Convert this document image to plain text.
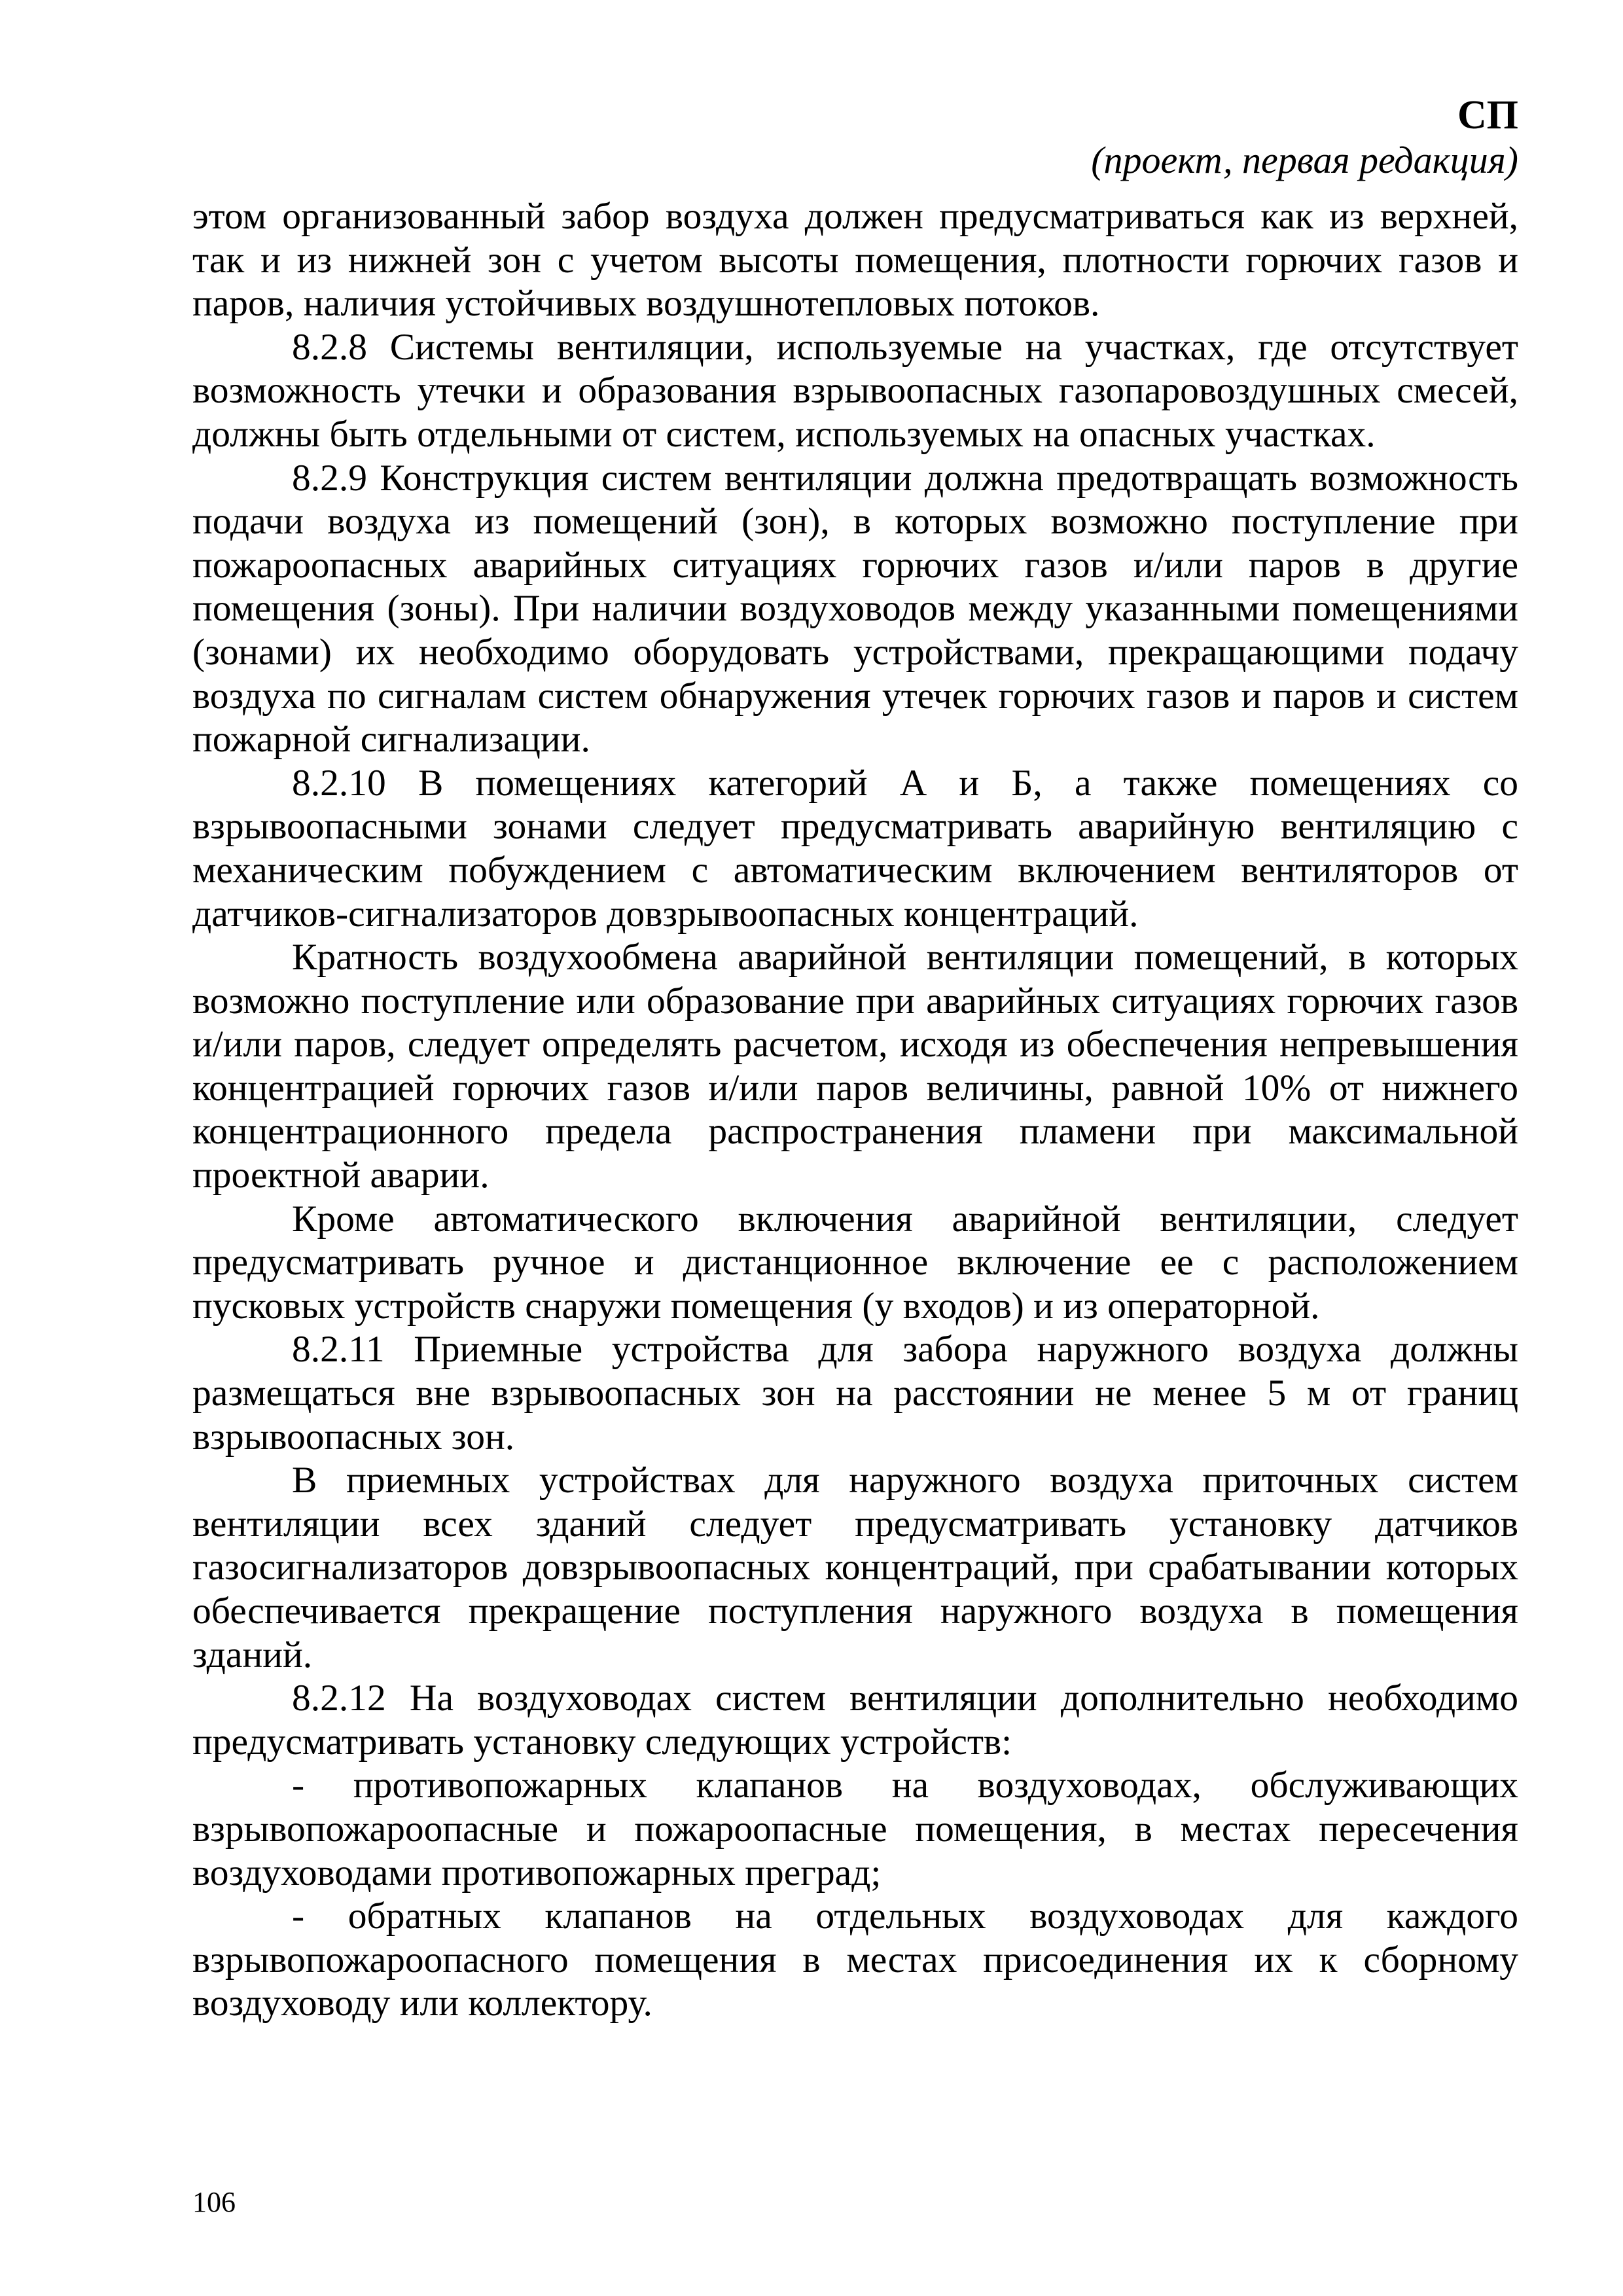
СП
(проект, первая редакция)

этом организованный забор воздуха должен предусматриваться как из верхней, так и из нижней зон с учетом высоты помещения, плотности горючих газов и паров, наличия устойчивых воздушнотепловых потоков.

8.2.8 Системы вентиляции, используемые на участках, где отсутствует возможность утечки и образования взрывоопасных газопаровоздушных смесей, должны быть отдельными от систем, используемых на опасных участках.

8.2.9 Конструкция систем вентиляции должна предотвращать возможность подачи воздуха из помещений (зон), в которых возможно поступление при пожароопасных аварийных ситуациях горючих газов и/или паров в другие помещения (зоны). При наличии воздуховодов между указанными помещениями (зонами) их необходимо оборудовать устройствами, прекращающими подачу воздуха по сигналам систем обнаружения утечек горючих газов и паров и систем пожарной сигнализации.

8.2.10 В помещениях категорий А и Б, а также помещениях со взрывоопасными зонами следует предусматривать аварийную вентиляцию с механическим побуждением с автоматическим включением вентиляторов от датчиков-сигнализаторов довзрывоопасных концентраций.

Кратность воздухообмена аварийной вентиляции помещений, в которых возможно поступление или образование при аварийных ситуациях горючих газов и/или паров, следует определять расчетом, исходя из обеспечения непревышения концентрацией горючих газов и/или паров величины, равной 10% от нижнего концентрационного предела распространения пламени при максимальной проектной аварии.

Кроме автоматического включения аварийной вентиляции, следует предусматривать ручное и дистанционное включение ее с расположением пусковых устройств снаружи помещения (у входов) и из операторной.

8.2.11 Приемные устройства для забора наружного воздуха должны размещаться вне взрывоопасных зон на расстоянии не менее 5 м от границ взрывоопасных зон.

В приемных устройствах для наружного воздуха приточных систем вентиляции всех зданий следует предусматривать установку датчиков газосигнализаторов довзрывоопасных концентраций, при срабатывании которых обеспечивается прекращение поступления наружного воздуха в помещения зданий.

8.2.12 На воздуховодах систем вентиляции дополнительно необходимо предусматривать установку следующих устройств:

- противопожарных клапанов на воздуховодах, обслуживающих взрывопожароопасные и пожароопасные помещения, в местах пересечения воздуховодами противопожарных преград;

- обратных клапанов на отдельных воздуховодах для каждого взрывопожароопасного помещения в местах присоединения их к сборному воздуховоду или коллектору.

106
